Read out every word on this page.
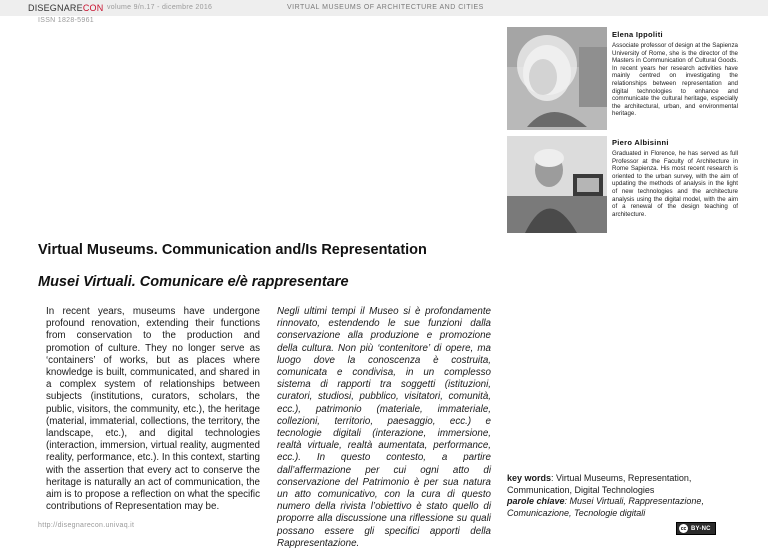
DISEGNARECON volume 9/n.17 - dicembre 2016	VIRTUAL MUSEUMS OF ARCHITECTURE AND CITIES
ISSN 1828-5961
Elena Ippoliti
Associate professor of design at the Sapienza University of Rome, she is the director of the Masters in Communication of Cultural Goods. In recent years her research activities have mainly centred on investigating the relationships between representation and digital technologies to enhance and communicate the cultural heritage, especially the architectural, urban, and environmental heritage.
Piero Albisinni
Graduated in Florence, he has served as full Professor at the Faculty of Architecture in Rome Sapienza. His most recent research is oriented to the urban survey, with the aim of updating the methods of analysis in the light of new technologies and the architecture analysis using the digital model, with the aim of a renewal of the design teaching of architecture.
Virtual Museums. Communication and/Is Representation
Musei Virtuali. Comunicare e/è rappresentare
In recent years, museums have undergone profound renovation, extending their functions from conservation to the production and promotion of culture. They no longer serve as ‘containers’ of works, but as places where knowledge is built, communicated, and shared in a complex system of relationships between subjects (institutions, curators, scholars, the public, visitors, the community, etc.), the heritage (material, immaterial, collections, the territory, the landscape, etc.), and digital technologies (interaction, immersion, virtual reality, augmented reality, performance, etc.). In this context, starting with the assertion that every act to conserve the heritage is naturally an act of communication, the aim is to propose a reflection on what the specific contributions of Representation may be.
Negli ultimi tempi il Museo si è profondamente rinnovato, estendendo le sue funzioni dalla conservazione alla produzione e promozione della cultura. Non più ‘contenitore’ di opere, ma luogo dove la conoscenza è costruita, comunicata e condivisa, in un complesso sistema di rapporti tra soggetti (istituzioni, curatori, studiosi, pubblico, visitatori, comunità, ecc.), patrimonio (materiale, immateriale, collezioni, territorio, paesaggio, ecc.) e tecnologie digitali (interazione, immersione, realtà virtuale, realtà aumentata, performance, ecc.). In questo contesto, a partire dall’affermazione per cui ogni atto di conservazione del Patrimonio è per sua natura un atto comunicativo, con la cura di questo numero della rivista l’obiettivo è stato quello di proporre alla discussione una riflessione su quali possano essere gli specifici apporti della Rappresentazione.
key words: Virtual Museums, Representation, Communication, Digital Technologies
parole chiave: Musei Virtuali, Rappresentazione, Comunicazione, Tecnologie digitali
http://disegnarecon.univaq.it	cc BY-NC
